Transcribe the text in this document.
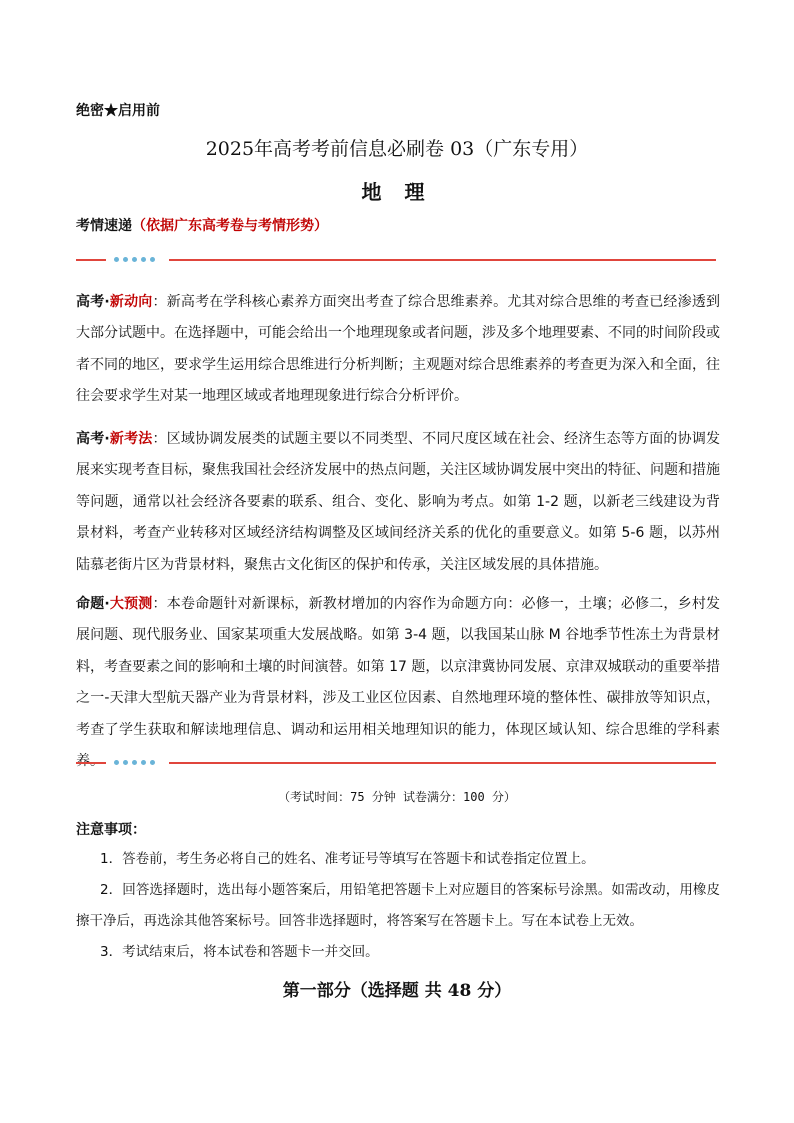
绝密★启用前
2025年高考考前信息必刷卷 03（广东专用）
地 理
考情速递（依据广东高考卷与考情形势）
高考·新动向：新高考在学科核心素养方面突出考查了综合思维素养。尤其对综合思维的考查已经渗透到大部分试题中。在选择题中，可能会给出一个地理现象或者问题，涉及多个地理要素、不同的时间阶段或者不同的地区，要求学生运用综合思维进行分析判断；主观题对综合思维素养的考查更为深入和全面，往往会要求学生对某一地理区域或者地理现象进行综合分析评价。
高考·新考法：区域协调发展类的试题主要以不同类型、不同尺度区域在社会、经济生态等方面的协调发展来实现考查目标，聚焦我国社会经济发展中的热点问题，关注区域协调发展中突出的特征、问题和措施等问题，通常以社会经济各要素的联系、组合、变化、影响为考点。如第 1-2 题，以新老三线建设为背景材料，考查产业转移对区域经济结构调整及区域间经济关系的优化的重要意义。如第 5-6 题，以苏州陆慕老街片区为背景材料，聚焦古文化街区的保护和传承，关注区域发展的具体措施。
命题·大预测：本卷命题针对新课标，新教材增加的内容作为命题方向：必修一，土壤；必修二，乡村发展问题、现代服务业、国家某项重大发展战略。如第 3-4 题，以我国某山脉 M 谷地季节性冻土为背景材料，考查要素之间的影响和土壤的时间演替。如第 17 题，以京津冀协同发展、京津双城联动的重要举措之一-天津大型航天器产业为背景材料，涉及工业区位因素、自然地理环境的整体性、碳排放等知识点，考查了学生获取和解读地理信息、调动和运用相关地理知识的能力，体现区域认知、综合思维的学科素
（考试时间：75 分钟 试卷满分：100 分）
注意事项：
1．答卷前，考生务必将自己的姓名、准考证号等填写在答题卡和试卷指定位置上。
2．回答选择题时，选出每小题答案后，用铅笔把答题卡上对应题目的答案标号涂黑。如需改动，用橡皮擦干净后，再选涂其他答案标号。回答非选择题时，将答案写在答题卡上。写在本试卷上无效。
3．考试结束后，将本试卷和答题卡一并交回。
第一部分（选择题 共 48 分）
